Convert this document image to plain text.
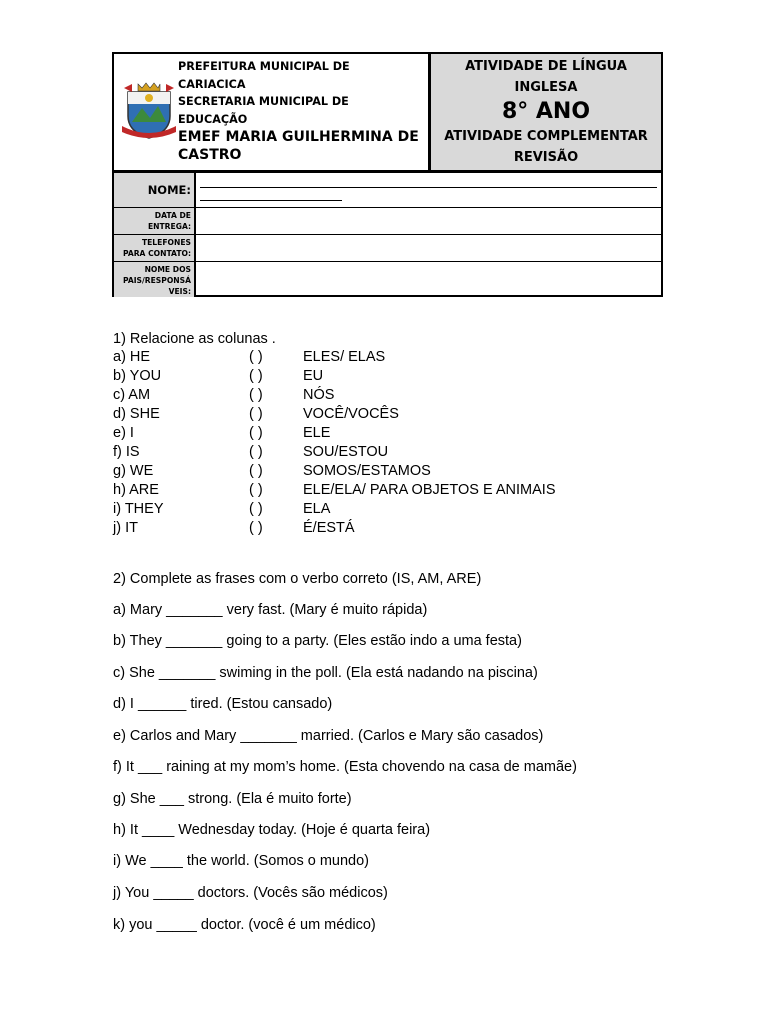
PREFEITURA MUNICIPAL DE
CARIACICA
SECRETARIA MUNICIPAL DE
EDUCAÇÃO
EMEF MARIA GUILHERMINA DE
CASTRO
ATIVIDADE DE LÍNGUA
INGLESA
8° ANO
ATIVIDADE COMPLEMENTAR
REVISÃO
NOME:
DATA DE
ENTREGA:
TELEFONES
PARA CONTATO:
NOME DOS
PAIS/RESPONSÁ
VEIS:
1) Relacione as colunas .
a) HE	( )	ELES/ ELAS
b) YOU	( )	EU
c) AM	( )	NÓS
d) SHE	( )	VOCÊ/VOCÊS
e) I	( )	ELE
f) IS	( )	SOU/ESTOU
g) WE	( )	SOMOS/ESTAMOS
h) ARE	( )	ELE/ELA/ PARA OBJETOS E ANIMAIS
i) THEY	( )	ELA
j) IT	( )	É/ESTÁ
2) Complete as frases com o verbo correto (IS, AM, ARE)
a) Mary _______ very fast. (Mary é muito rápida)
b) They _______ going to a party. (Eles estão indo a uma festa)
c) She _______ swiming in the poll. (Ela está nadando na piscina)
d) I ______ tired. (Estou cansado)
e) Carlos and Mary _______ married. (Carlos e Mary são casados)
f) It ___ raining at my mom’s home. (Esta chovendo na casa de mamãe)
g) She ___ strong. (Ela é muito forte)
h) It ____ Wednesday today. (Hoje é quarta feira)
i) We ____ the world. (Somos o mundo)
j) You _____ doctors. (Vocês são médicos)
k) you _____ doctor. (você é um médico)
